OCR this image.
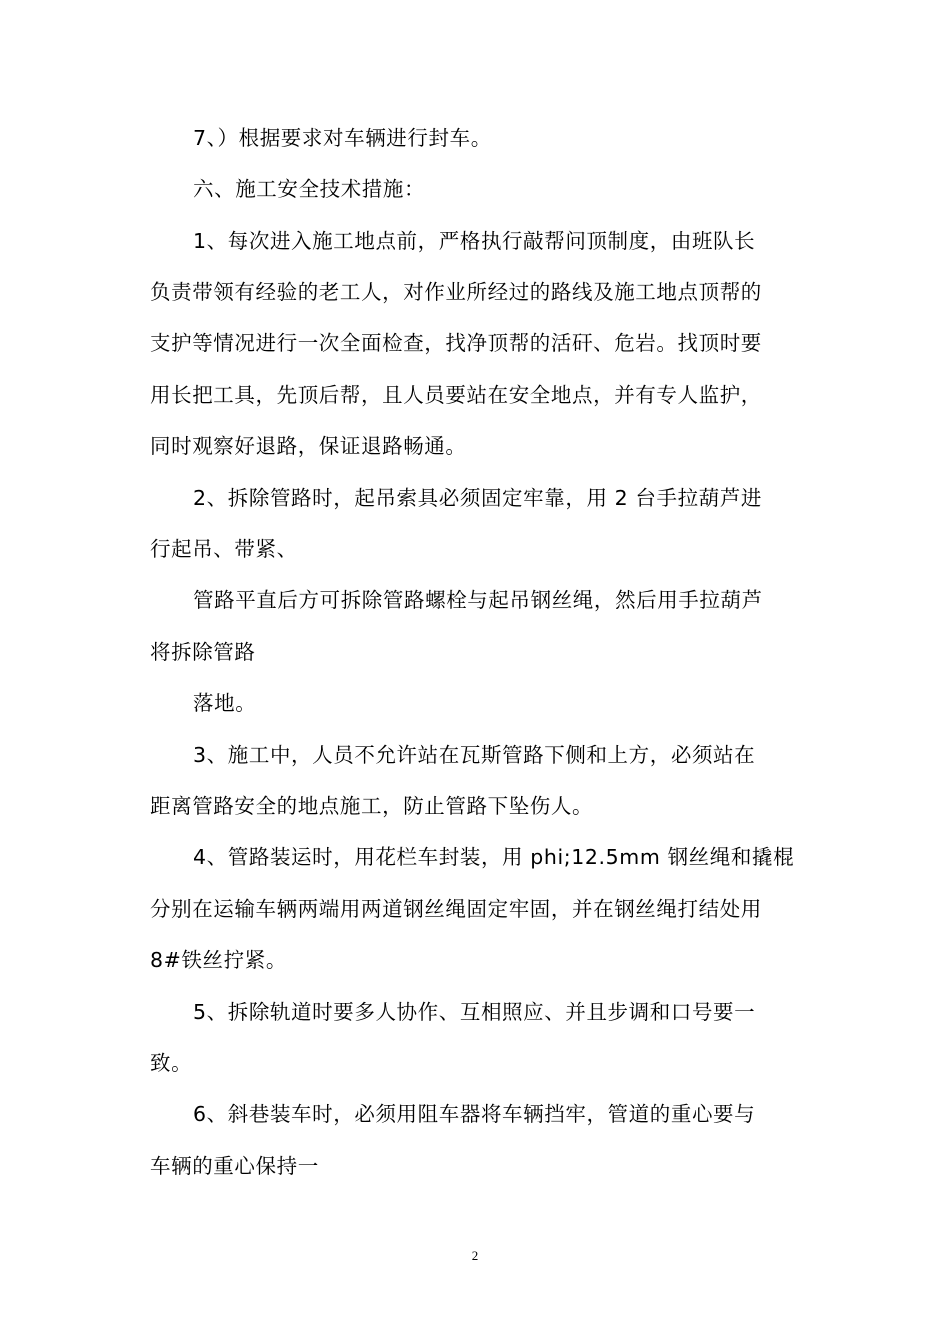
7、）根据要求对车辆进行封车。
六、施工安全技术措施：
1、每次进入施工地点前，严格执行敲帮问顶制度，由班队长
负责带领有经验的老工人，对作业所经过的路线及施工地点顶帮的
支护等情况进行一次全面检查，找净顶帮的活矸、危岩。找顶时要
用长把工具，先顶后帮，且人员要站在安全地点，并有专人监护，
同时观察好退路，保证退路畅通。
2、拆除管路时，起吊索具必须固定牢靠，用 2 台手拉葫芦进
行起吊、带紧、
管路平直后方可拆除管路螺栓与起吊钢丝绳，然后用手拉葫芦
将拆除管路
落地。
3、施工中，人员不允许站在瓦斯管路下侧和上方，必须站在
距离管路安全的地点施工，防止管路下坠伤人。
4、管路装运时，用花栏车封装，用 phi;12.5mm 钢丝绳和撬棍
分别在运输车辆两端用两道钢丝绳固定牢固，并在钢丝绳打结处用
8#铁丝拧紧。
5、拆除轨道时要多人协作、互相照应、并且步调和口号要一
致。
6、斜巷装车时，必须用阻车器将车辆挡牢，管道的重心要与
车辆的重心保持一
2
